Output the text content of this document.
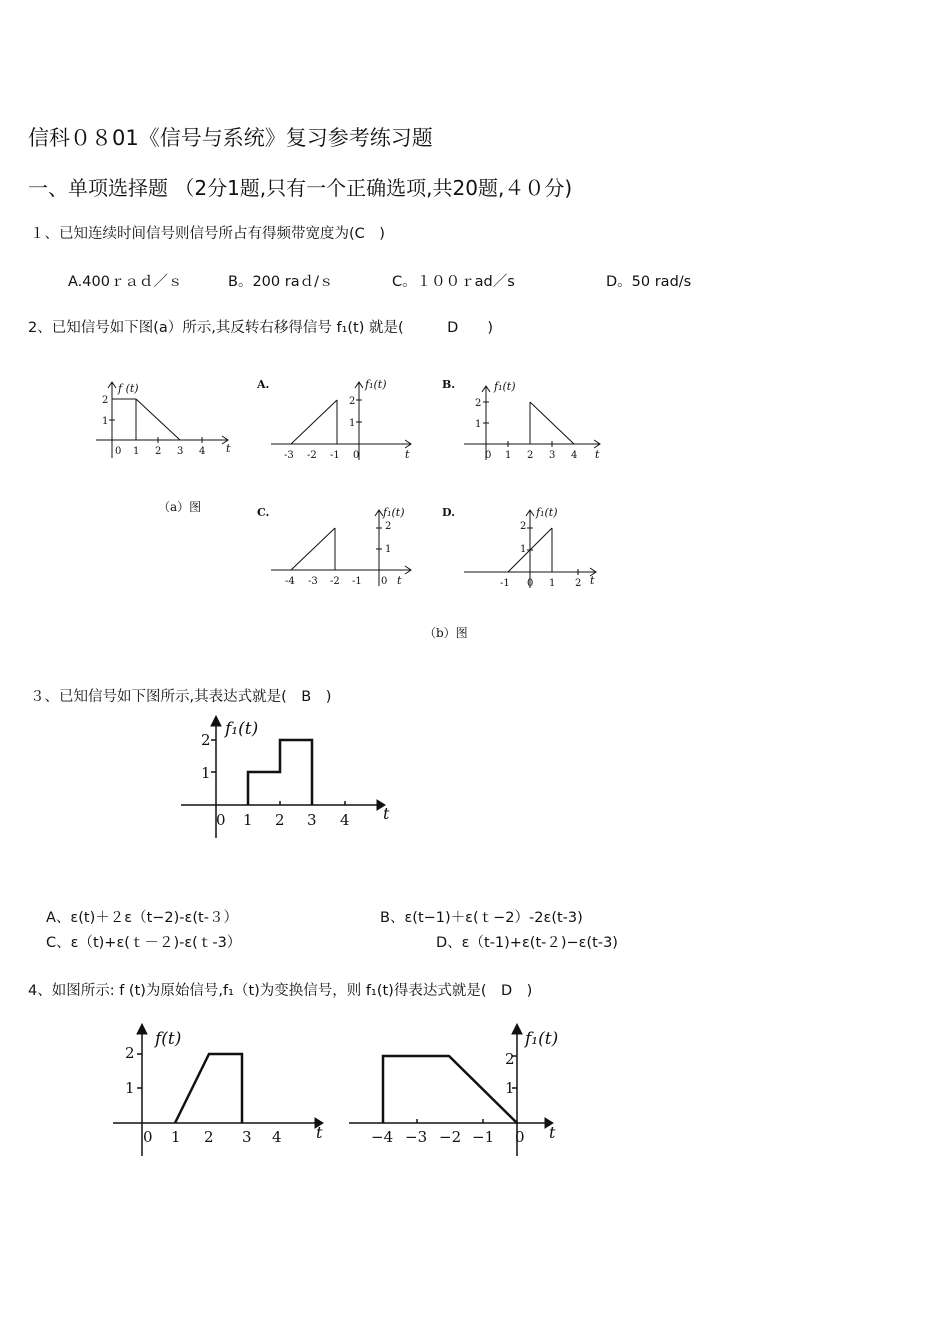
信科０８01《信号与系统》复习参考练习题
一、单项选择题 （2分1题,只有一个正确选项,共20题,４０分)
１、已知连续时间信号则信号所占有得频带宽度为(C　)
A.400ｒａｄ／ｓ	B。200 raｄ/ｓ	C。１００ｒad／s	D。50 rad/s
2、已知信号如下图(a）所示,其反转右移得信号 f₁(t) 就是(　　　D　　)
f (t)
2
1
0 1 2 3 4 t
（a）图
A.	f₁(t)
2
1
-3 -2 -1 0	t
B.	f₁(t)
2
1
0 1 2 3 4 t
C.	f₁(t)
2
1
-4 -3 -2 -1 0 t
D.	f₁(t)
2
1
-1 0 1 2 t
（b）图
３、已知信号如下图所示,其表达式就是(　B　)
f₁(t)
2
1
0 1 2 3 4 t
A、ε(t)＋２ε（t−2)-ε(t-３）	B、ε(t−1)＋ε(ｔ−2）-2ε(t-3)
C、ε（t)+ε(ｔ－２)-ε(ｔ-3）	D、ε（t-1)+ε(t-２)−ε(t-3)
4、如图所示: f (t)为原始信号,f₁（t)为变换信号，则 f₁(t)得表达式就是(　D　)
f(t)
2
1
0 1 2 3 4 t
f₁(t)
2
1
−4 −3 −2 −1 0 t
